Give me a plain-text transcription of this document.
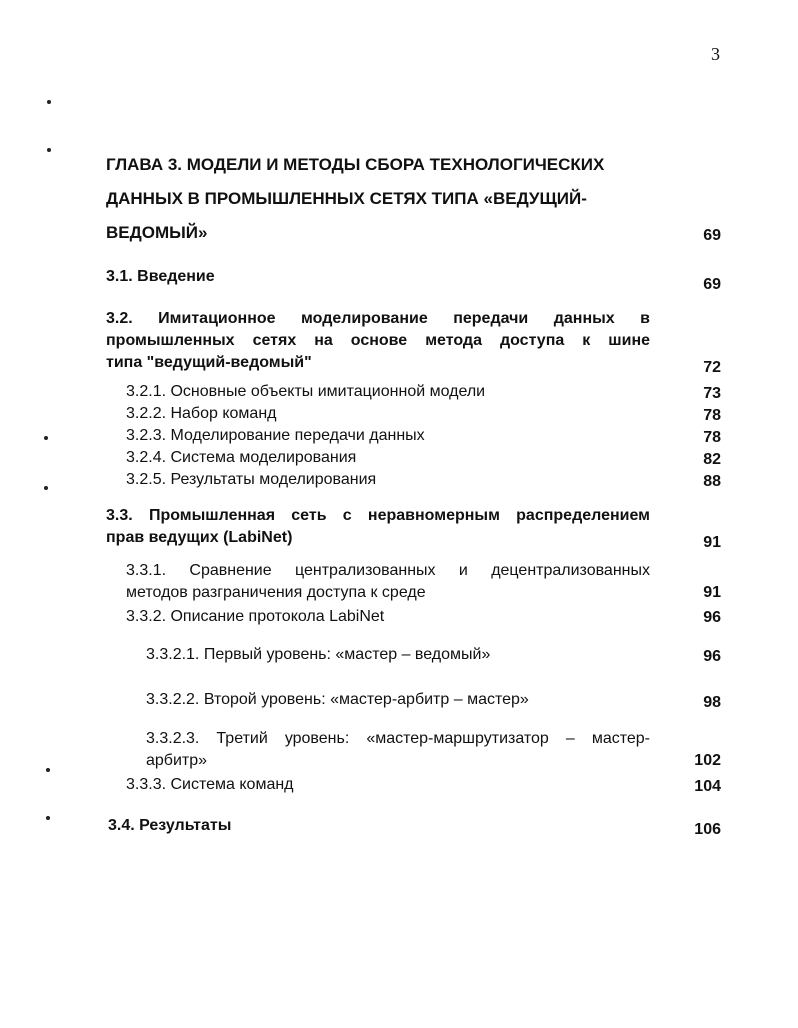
3
ГЛАВА 3. МОДЕЛИ И МЕТОДЫ СБОРА ТЕХНОЛОГИЧЕСКИХ
ДАННЫХ В ПРОМЫШЛЕННЫХ СЕТЯХ ТИПА «ВЕДУЩИЙ-
ВЕДОМЫЙ»	69
3.1. Введение	69
3.2. Имитационное моделирование передачи данных в
промышленных сетях на основе метода доступа к шине
типа "ведущий-ведомый"	72
3.2.1. Основные объекты имитационной модели	73
3.2.2. Набор команд	78
3.2.3. Моделирование передачи данных	78
3.2.4. Система моделирования	82
3.2.5. Результаты моделирования	88
3.3. Промышленная сеть с неравномерным распределением
прав ведущих (LabiNet)	91
3.3.1. Сравнение централизованных и децентрализованных
методов разграничения доступа к среде	91
3.3.2. Описание протокола LabiNet	96
3.3.2.1. Первый уровень: «мастер – ведомый»	96
3.3.2.2. Второй уровень: «мастер-арбитр – мастер»	98
3.3.2.3. Третий уровень: «мастер-маршрутизатор – мастер-
арбитр»	102
3.3.3. Система команд	104
3.4. Результаты	106
